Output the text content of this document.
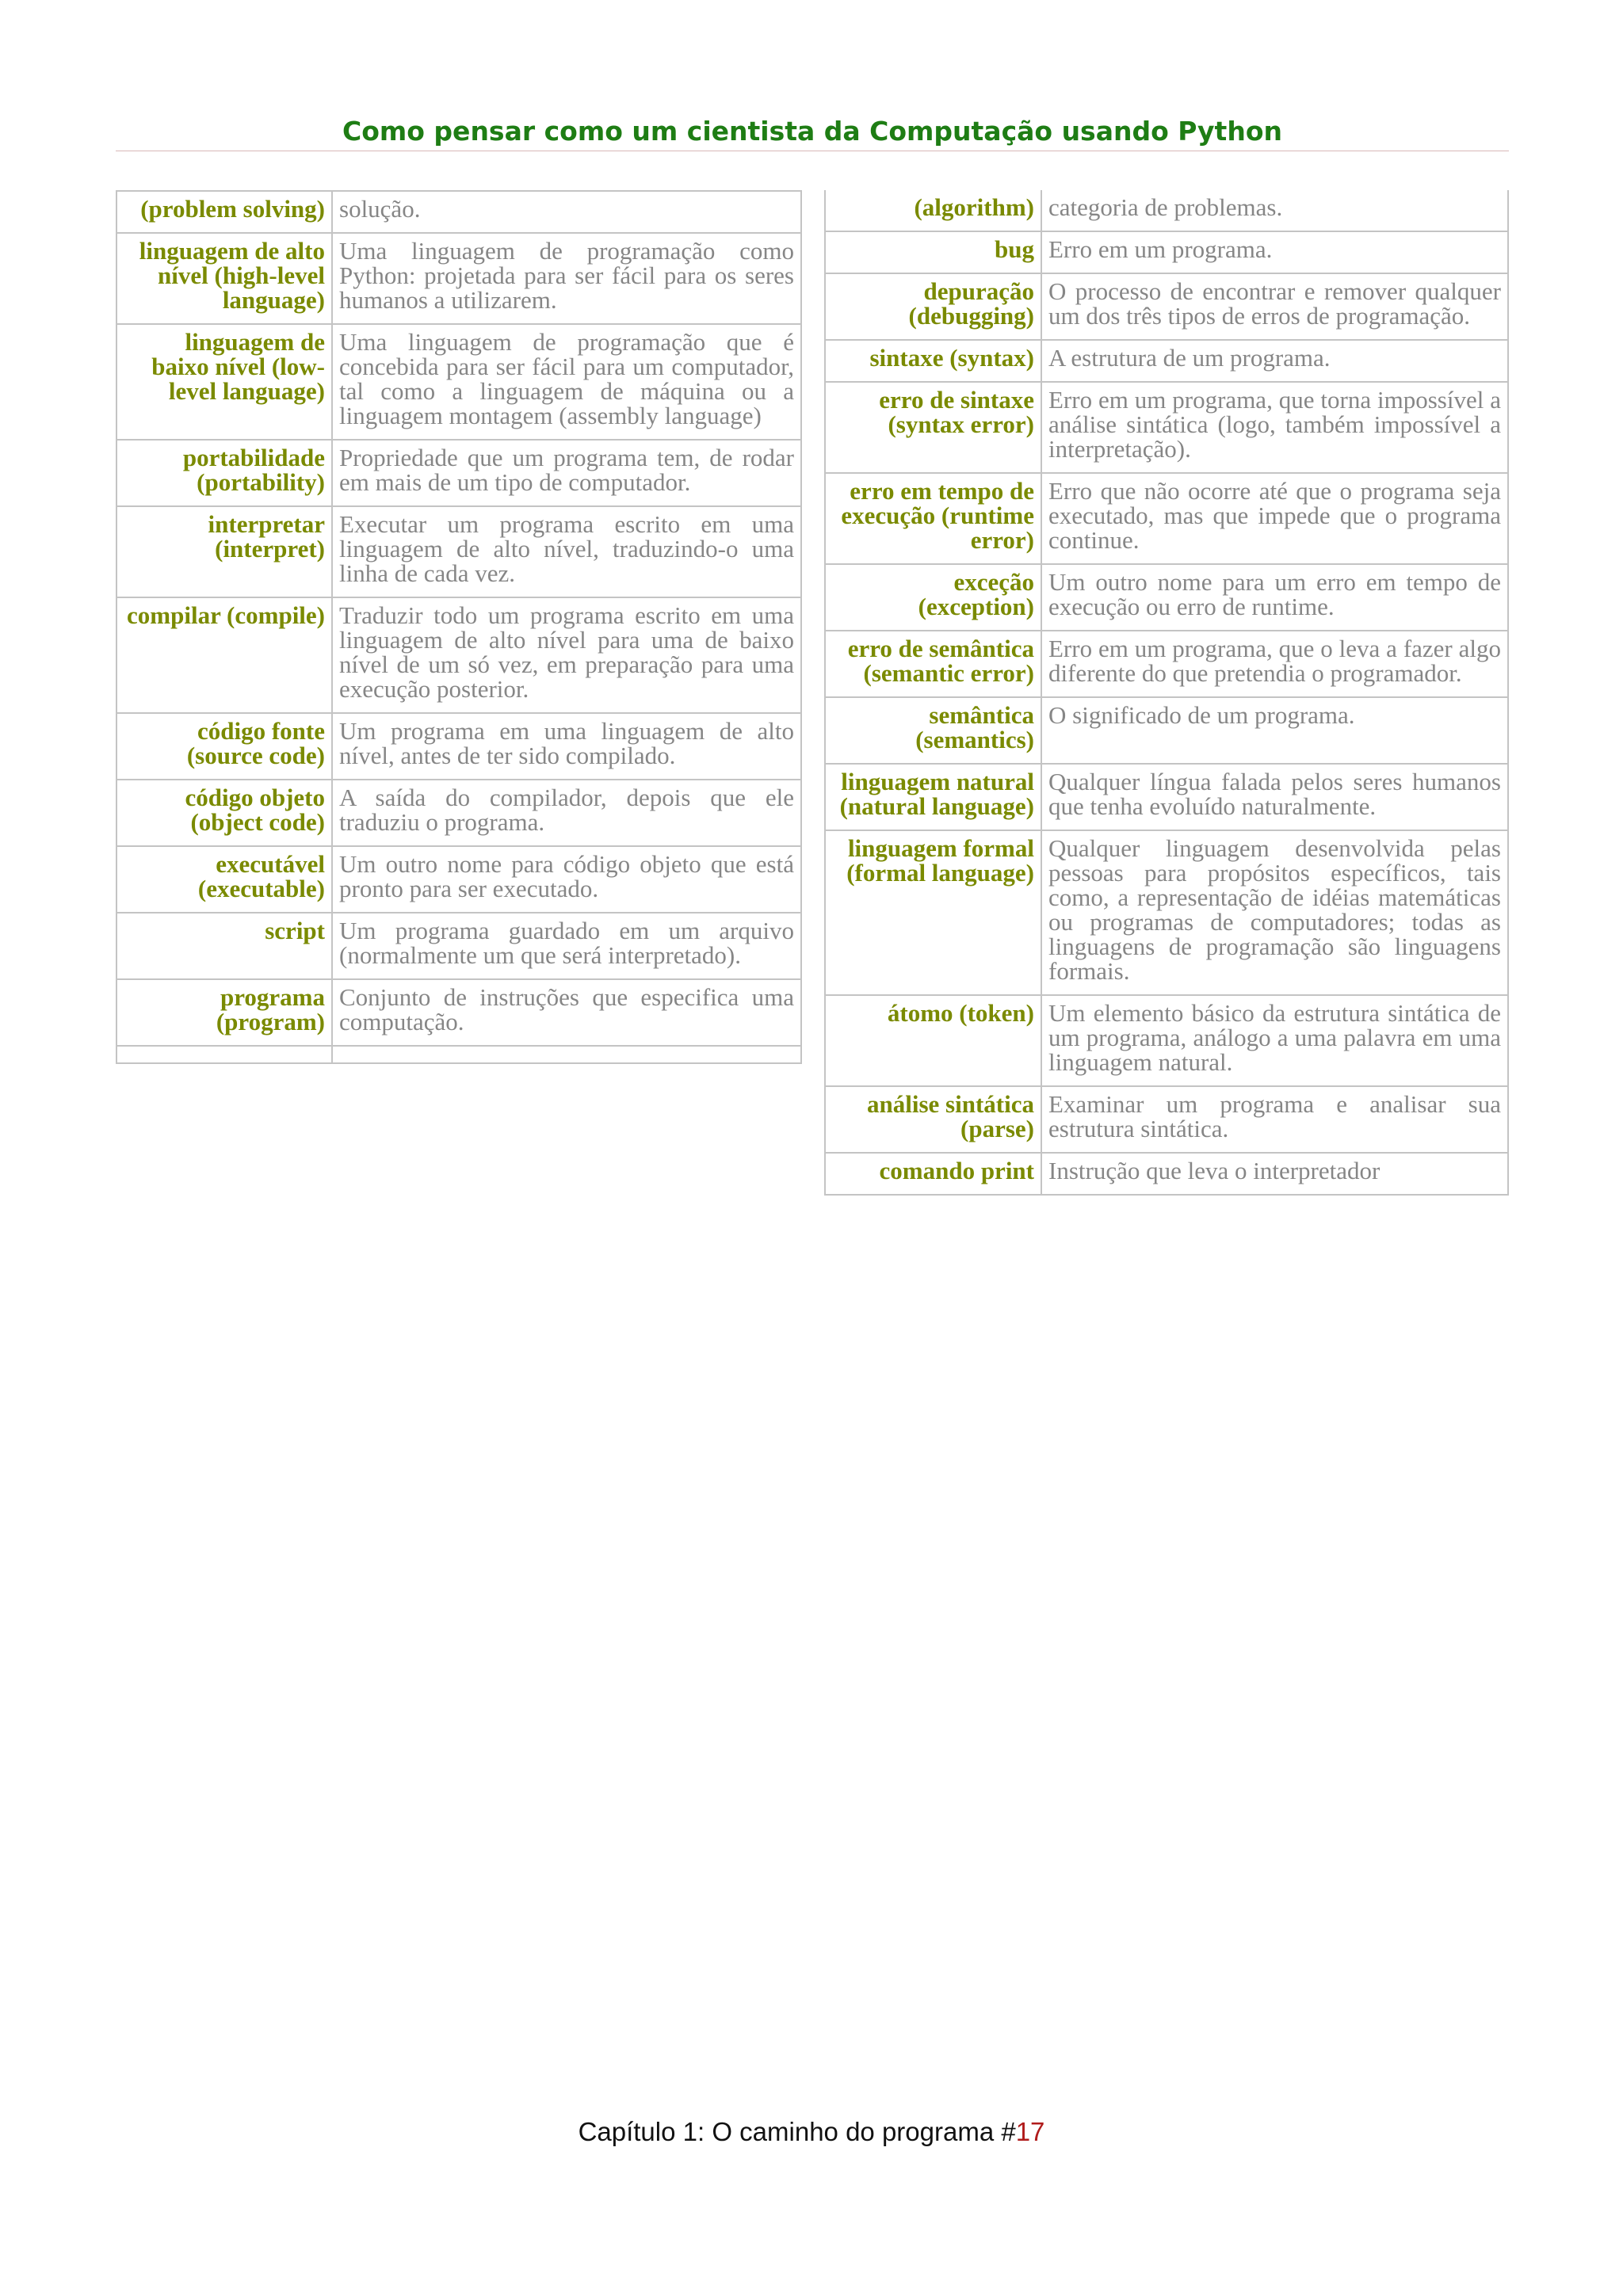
Como pensar como um cientista da Computação usando Python
(problem solving)	solução.
linguagem de alto nível (high-level language)	Uma linguagem de programação como Python: projetada para ser fácil para os seres humanos a utilizarem.
linguagem de baixo nível (low-level language)	Uma linguagem de programação que é concebida para ser fácil para um computador, tal como a linguagem de máquina ou a linguagem montagem (assembly language)
portabilidade (portability)	Propriedade que um programa tem, de rodar em mais de um tipo de computador.
interpretar (interpret)	Executar um programa escrito em uma linguagem de alto nível, traduzindo-o uma linha de cada vez.
compilar (compile)	Traduzir todo um programa escrito em uma linguagem de alto nível para uma de baixo nível de um só vez, em preparação para uma execução posterior.
código fonte (source code)	Um programa em uma linguagem de alto nível, antes de ter sido compilado.
código objeto (object code)	A saída do compilador, depois que ele traduziu o programa.
executável (executable)	Um outro nome para código objeto que está pronto para ser executado.
script	Um programa guardado em um arquivo (normalmente um que será interpretado).
programa (program)	Conjunto de instruções que especifica uma computação.

(algorithm)	categoria de problemas.
bug	Erro em um programa.
depuração (debugging)	O processo de encontrar e remover qualquer um dos três tipos de erros de programação.
sintaxe (syntax)	A estrutura de um programa.
erro de sintaxe (syntax error)	Erro em um programa, que torna impossível a análise sintática (logo, também impossível a interpretação).
erro em tempo de execução (runtime error)	Erro que não ocorre até que o programa seja executado, mas que impede que o programa continue.
exceção (exception)	Um outro nome para um erro em tempo de execução ou erro de runtime.
erro de semântica (semantic error)	Erro em um programa, que o leva a fazer algo diferente do que pretendia o programador.
semântica (semantics)	O significado de um programa.
linguagem natural (natural language)	Qualquer língua falada pelos seres humanos que tenha evoluído naturalmente.
linguagem formal (formal language)	Qualquer linguagem desenvolvida pelas pessoas para propósitos específicos, tais como, a representação de idéias matemáticas ou programas de computadores; todas as linguagens de programação são linguagens formais.
átomo (token)	Um elemento básico da estrutura sintática de um programa, análogo a uma palavra em uma linguagem natural.
análise sintática (parse)	Examinar um programa e analisar sua estrutura sintática.
comando print	Instrução que leva o interpretador
Capítulo 1: O caminho do programa #17
